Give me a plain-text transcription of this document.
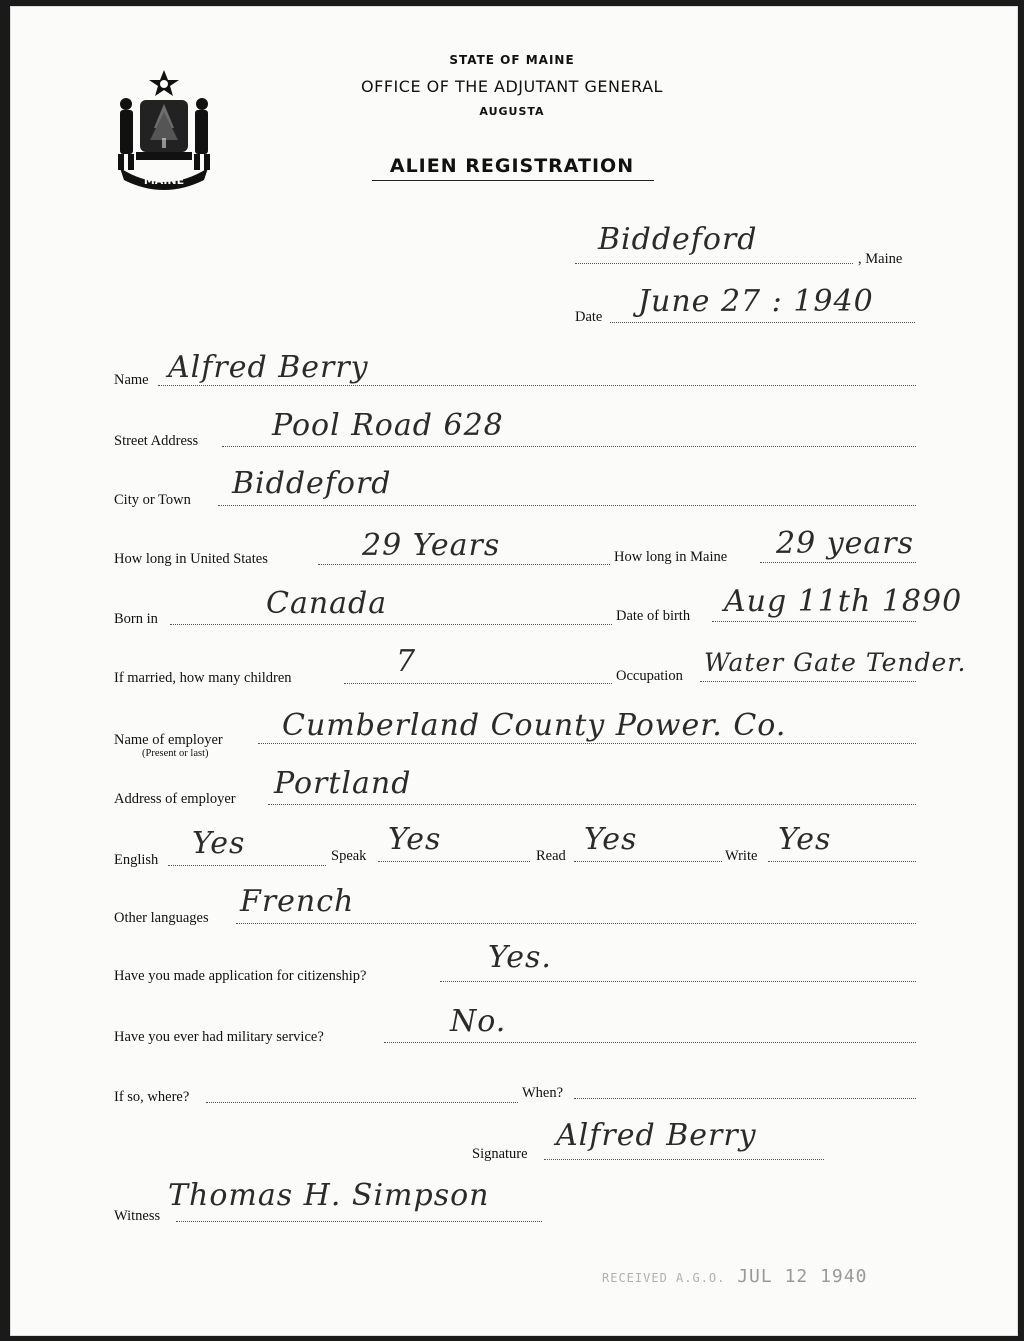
MAINE
STATE OF MAINE
OFFICE OF THE ADJUTANT GENERAL
AUGUSTA
ALIEN REGISTRATION
Biddeford
, Maine
Date June 27 : 1940
Name Alfred Berry
Street Address Pool Road 628
City or Town Biddeford
How long in United States	29 Years	How long in Maine 29 years
Born in	Canada	Date of birth Aug 11th 1890
If married, how many children	7	Occupation Water Gate Tender.
Name of employer
(Present or last)
Cumberland County Power. Co.
Address of employer Portland
English Yes	Speak Yes	Read Yes	Write Yes
Other languages French
Have you made application for citizenship?
Yes.
Have you ever had military service?	No.
If so, where?	When?
Signature
Alfred Berry
Witness
Thomas H. Simpson
RECEIVED A.G.O. JUL 12 1940
